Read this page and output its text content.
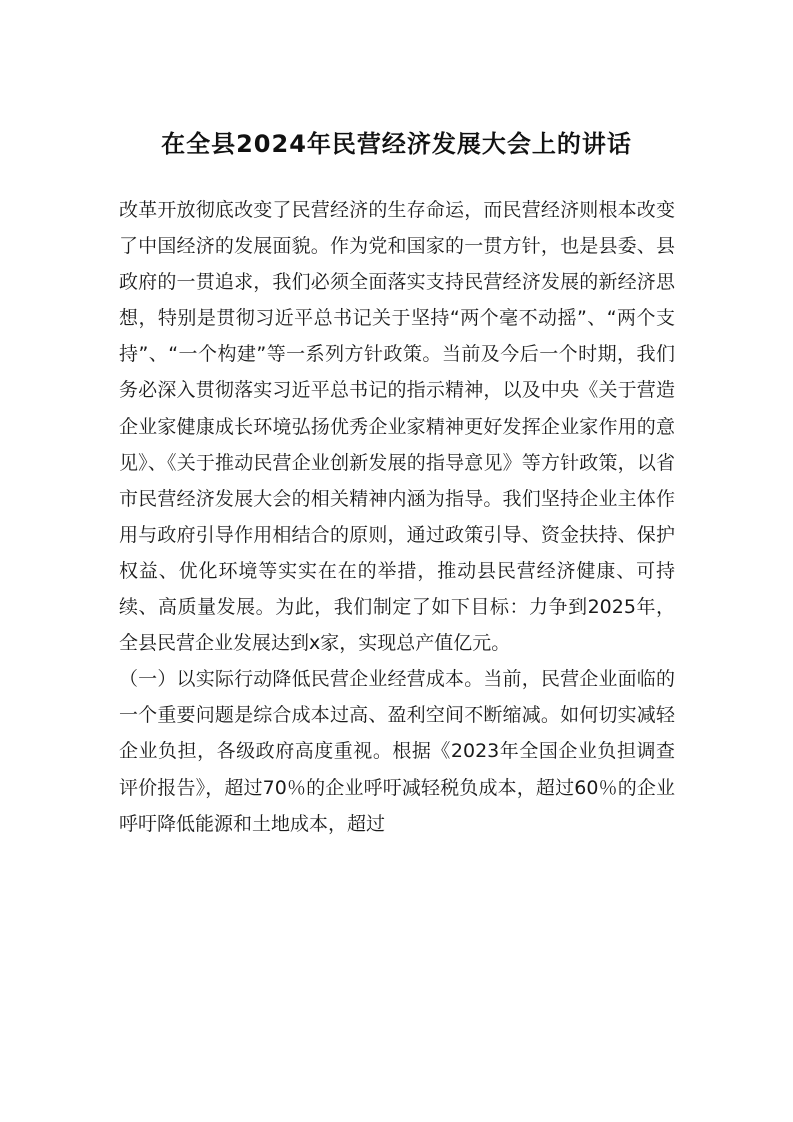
在全县2024年民营经济发展大会上的讲话

改革开放彻底改变了民营经济的生存命运，而民营经济则根本改变了中国经济的发展面貌。作为党和国家的一贯方针，也是县委、县政府的一贯追求，我们必须全面落实支持民营经济发展的新经济思想，特别是贯彻习近平总书记关于坚持“两个毫不动摇”、“两个支持”、“一个构建”等一系列方针政策。当前及今后一个时期，我们务必深入贯彻落实习近平总书记的指示精神，以及中央《关于营造企业家健康成长环境弘扬优秀企业家精神更好发挥企业家作用的意见》、《关于推动民营企业创新发展的指导意见》等方针政策，以省市民营经济发展大会的相关精神内涵为指导。我们坚持企业主体作用与政府引导作用相结合的原则，通过政策引导、资金扶持、保护权益、优化环境等实实在在的举措，推动县民营经济健康、可持续、高质量发展。为此，我们制定了如下目标：力争到2025年，全县民营企业发展达到x家，实现总产值亿元。

（一）以实际行动降低民营企业经营成本。当前，民营企业面临的一个重要问题是综合成本过高、盈利空间不断缩减。如何切实减轻企业负担，各级政府高度重视。根据《2023年全国企业负担调查评价报告》，超过70％的企业呼吁减轻税负成本，超过60％的企业呼吁降低能源和土地成本，超过
